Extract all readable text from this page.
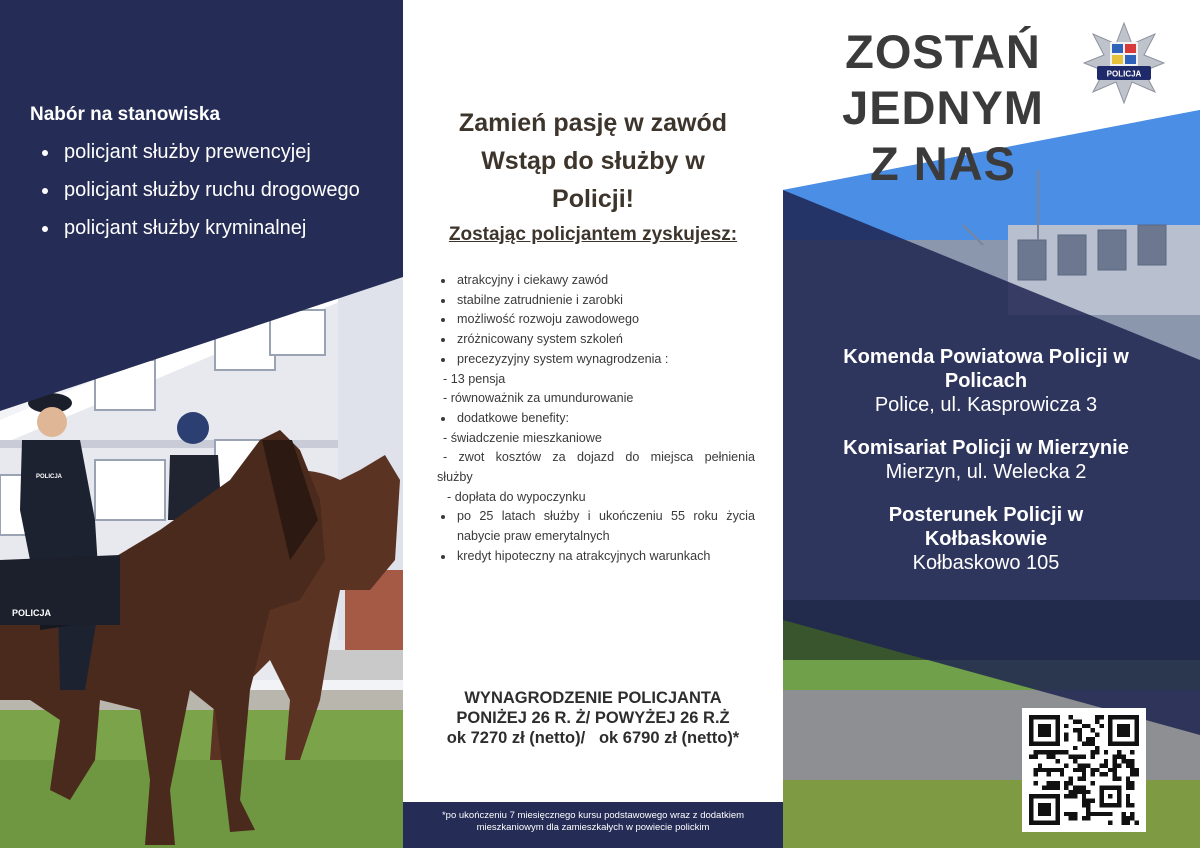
POLICJA
POLICJA
Nabór na stanowiska
policjant służby prewencyjej
policjant służby ruchu drogowego
policjant służby kryminalnej
Zamień pasję w zawód
Wstąp do służby w
Policji!
Zostając policjantem zyskujesz:
atrakcyjny i ciekawy zawód
stabilne zatrudnienie i zarobki
możliwość rozwoju zawodowego
zróżnicowany system szkoleń
precezyzyjny system wynagrodzenia :
- 13 pensja
- równoważnik za umundurowanie
dodatkowe benefity:
- świadczenie mieszkaniowe
- zwot kosztów za dojazd do miejsca pełnienia
służby
- dopłata do wypoczynku
po 25 latach służby i ukończeniu 55 roku życia
nabycie praw emerytalnych
kredyt hipoteczny na atrakcyjnych warunkach
WYNAGRODZENIE POLICJANTA
PONIŻEJ 26 R. Ż/ POWYŻEJ 26 R.Ż
ok 7270 zł (netto)/   ok 6790 zł (netto)*
*po ukończeniu 7 miesięcznego kursu podstawowego wraz z dodatkiem
mieszkaniowym dla zamieszkałych w powiecie polickim
ZOSTAŃ
JEDNYM
Z NAS
POLICJA
Komenda Powiatowa Policji w
Policach
Police, ul. Kasprowicza 3
Komisariat Policji w Mierzynie
Mierzyn, ul. Welecka 2
Posterunek Policji w
Kołbaskowie
Kołbaskowo 105
